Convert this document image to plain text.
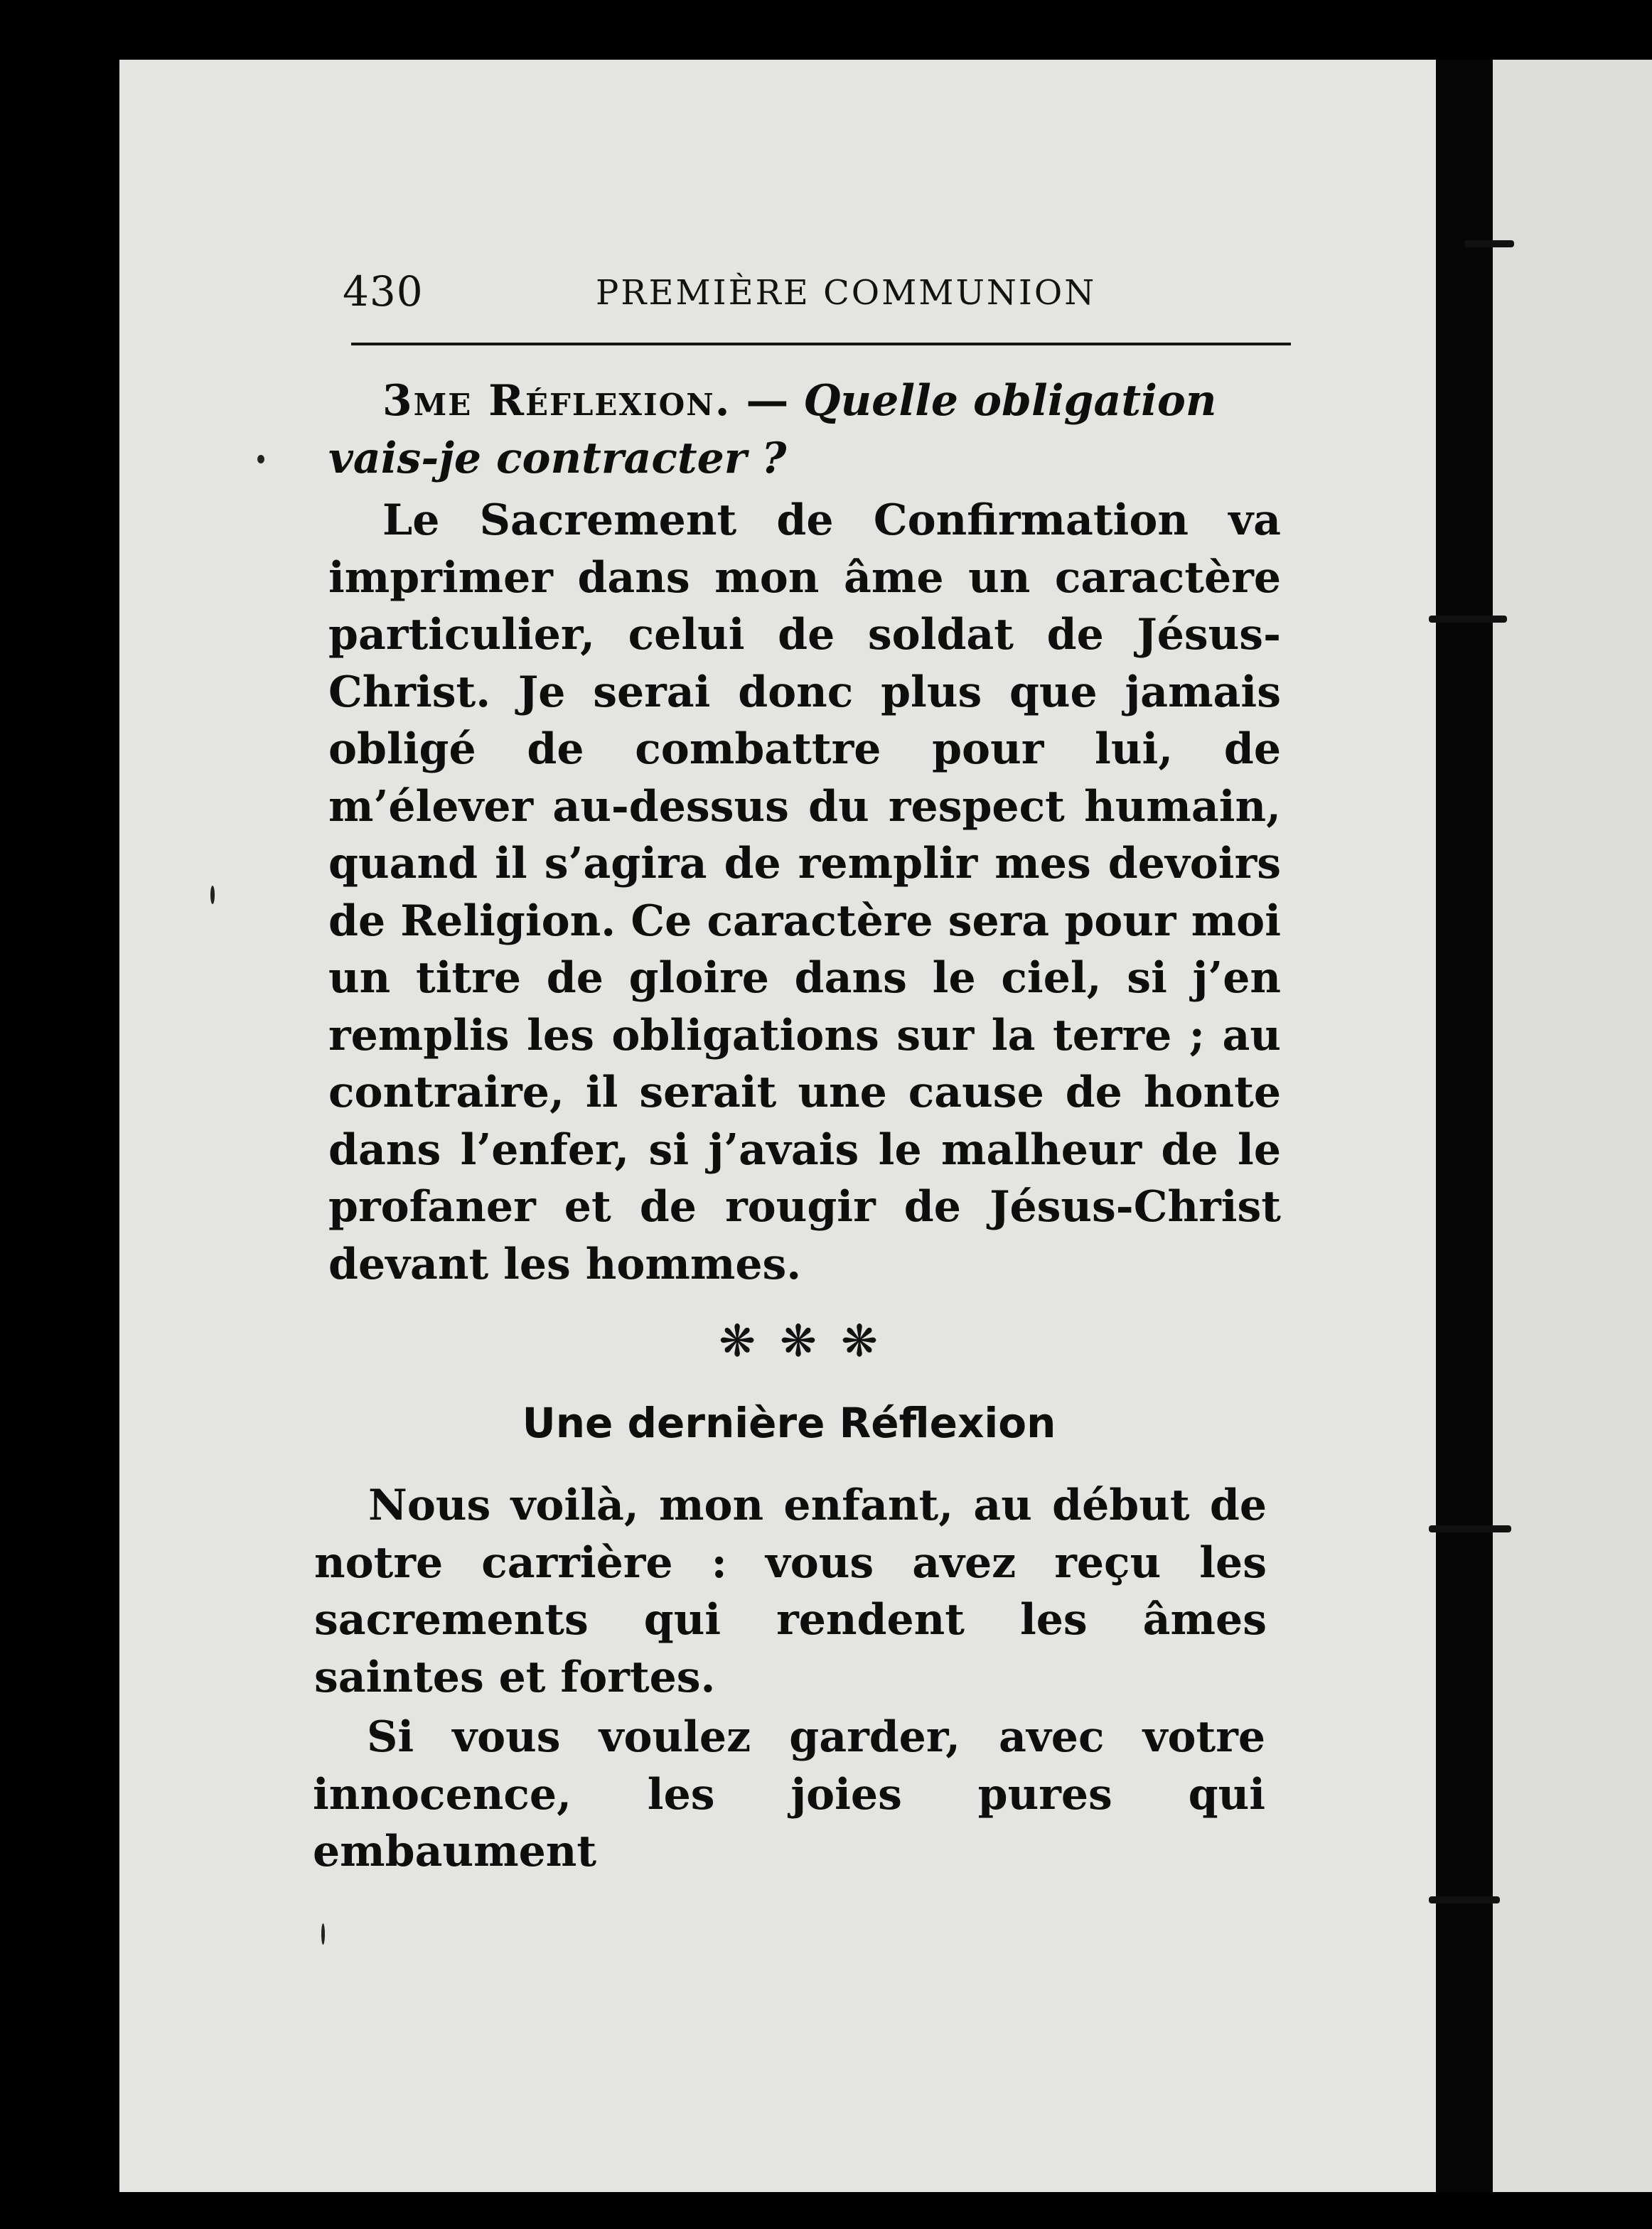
430	PREMIÈRE COMMUNION

3me Réflexion. — Quelle obligation
vais-je contracter ?

Le Sacrement de Confirmation va imprimer dans mon âme un caractère particulier, celui de soldat de Jésus-Christ. Je serai donc plus que jamais obligé de combattre pour lui, de m’élever au-dessus du respect humain, quand il s’agira de remplir mes devoirs de Religion. Ce caractère sera pour moi un titre de gloire dans le ciel, si j’en remplis les obligations sur la terre ; au contraire, il serait une cause de honte dans l’enfer, si j’avais le malheur de le profaner et de rougir de Jésus-Christ devant les hommes.

❋❋❋
Une dernière Réflexion

Nous voilà, mon enfant, au début de notre carrière : vous avez reçu les sacrements qui rendent les âmes saintes et fortes.

Si vous voulez garder, avec votre innocence, les joies pures qui embaument
